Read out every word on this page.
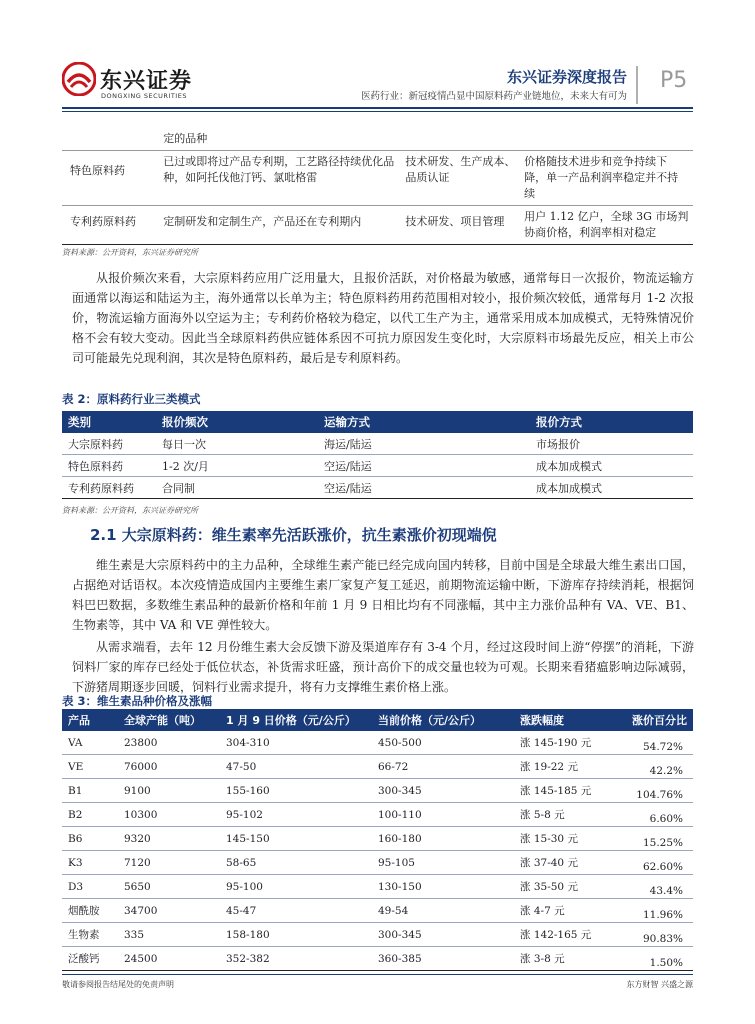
东兴证券
DONGXING SECURITIES
东兴证券深度报告
医药行业：新冠疫情凸显中国原料药产业链地位，未来大有可为
P5
	定的品种		
特色原料药	已过或即将过产品专利期，工艺路径持续优化品种，如阿托伐他汀钙、氯吡格雷	技术研发、生产成本、品质认证	价格随技术进步和竞争持续下降，单一产品利润率稳定并不持续
专利药原料药	定制研发和定制生产，产品还在专利期内	技术研发、项目管理	用户 1.12 亿户，全球 3G 市场判协商价格，利润率相对稳定
资料来源：公开资料，东兴证券研究所
从报价频次来看，大宗原料药应用广泛用量大，且报价活跃，对价格最为敏感，通常每日一次报价，物流运输方面通常以海运和陆运为主，海外通常以长单为主；特色原料药用药范围相对较小，报价频次较低，通常每月 1-2 次报价，物流运输方面海外以空运为主；专利药价格较为稳定，以代工生产为主，通常采用成本加成模式，无特殊情况价格不会有较大变动。因此当全球原料药供应链体系因不可抗力原因发生变化时，大宗原料市场最先反应，相关上市公司可能最先兑现利润，其次是特色原料药，最后是专利原料药。
表 2：原料药行业三类模式
类别	报价频次	运输方式	报价方式
大宗原料药	每日一次	海运/陆运	市场报价
特色原料药	1-2 次/月	空运/陆运	成本加成模式
专利药原料药	合同制	空运/陆运	成本加成模式
资料来源：公开资料，东兴证券研究所
2.1 大宗原料药：维生素率先活跃涨价，抗生素涨价初现端倪
维生素是大宗原料药中的主力品种，全球维生素产能已经完成向国内转移，目前中国是全球最大维生素出口国，占据绝对话语权。本次疫情造成国内主要维生素厂家复产复工延迟，前期物流运输中断，下游库存持续消耗，根据饲料巴巴数据，多数维生素品种的最新价格和年前 1 月 9 日相比均有不同涨幅，其中主力涨价品种有 VA、VE、B1、生物素等，其中 VA 和 VE 弹性较大。
从需求端看，去年 12 月份维生素大会反馈下游及渠道库存有 3-4 个月，经过这段时间上游“停摆”的消耗，下游饲料厂家的库存已经处于低位状态，补货需求旺盛，预计高价下的成交量也较为可观。长期来看猪瘟影响边际减弱，下游猪周期逐步回暖，饲料行业需求提升，将有力支撑维生素价格上涨。
表 3：维生素品种价格及涨幅
产品	全球产能（吨）	1 月 9 日价格（元/公斤）	当前价格（元/公斤）	涨跌幅度	涨价百分比
VA	23800	304-310	450-500	涨 145-190 元	54.72%
VE	76000	47-50	66-72	涨 19-22 元	42.2%
B1	9100	155-160	300-345	涨 145-185 元	104.76%
B2	10300	95-102	100-110	涨 5-8 元	6.60%
B6	9320	145-150	160-180	涨 15-30 元	15.25%
K3	7120	58-65	95-105	涨 37-40 元	62.60%
D3	5650	95-100	130-150	涨 35-50 元	43.4%
烟酰胺	34700	45-47	49-54	涨 4-7 元	11.96%
生物素	335	158-180	300-345	涨 142-165 元	90.83%
泛酸钙	24500	352-382	360-385	涨 3-8 元	1.50%
敬请参阅报告结尾处的免责声明	东方财智 兴盛之源
